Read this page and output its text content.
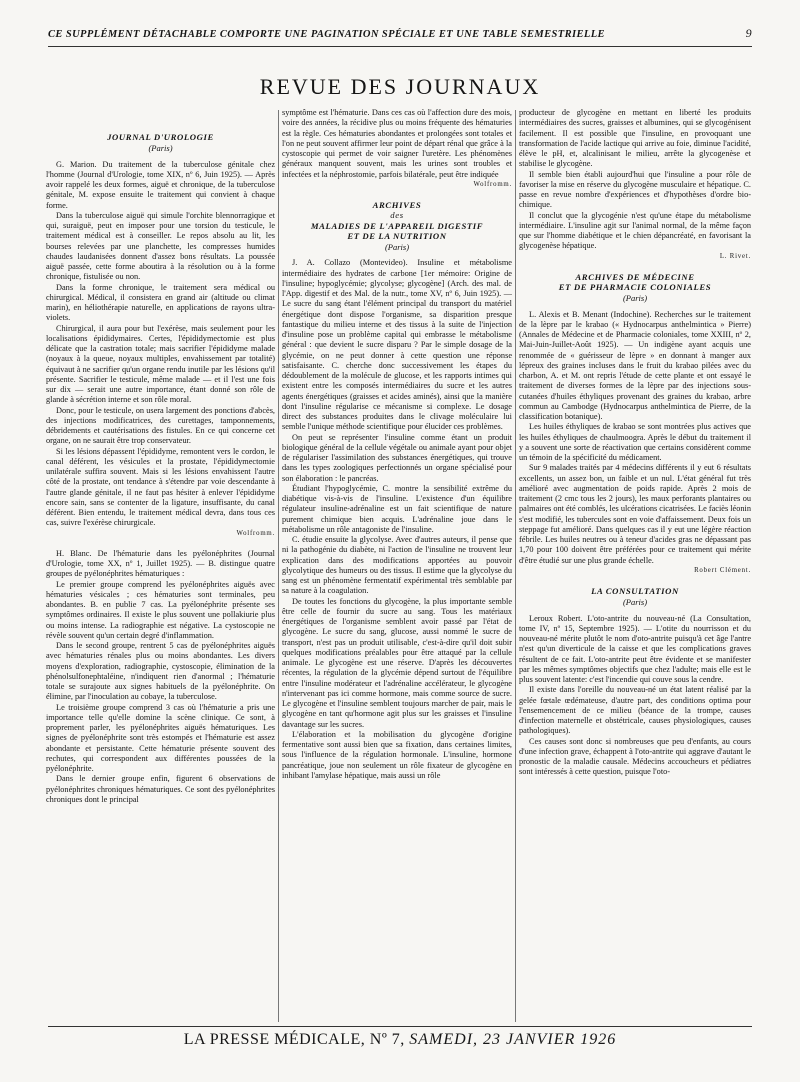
CE SUPPLÉMENT DÉTACHABLE COMPORTE UNE PAGINATION SPÉCIALE ET UNE TABLE SEMESTRIELLE	9
REVUE DES JOURNAUX

JOURNAL D'UROLOGIE

(Paris)

G. Marion. Du traitement de la tuberculose génitale chez l'homme (Journal d'Urologie, tome XIX, nº 6, Juin 1925). — Après avoir rappelé les deux formes, aiguë et chronique, de la tuberculose génitale, M. expose ensuite le traitement qui convient à chaque forme.

Dans la tuberculose aiguë qui simule l'orchite blennorragique et qui, suraiguë, peut en imposer pour une torsion du testicule, le traitement médical est à conseiller. Le repos absolu au lit, les bourses relevées par une planchette, les compresses humides chaudes laudanisées donnent d'assez bons résultats. La poussée aiguë passée, cette forme aboutira à la résolution ou à la forme chronique, fistulisée ou non.

Dans la forme chronique, le traitement sera médical ou chirurgical. Médical, il consistera en grand air (altitude ou climat marin), en héliothérapie naturelle, en applications de rayons ultra-violets.

Chirurgical, il aura pour but l'exérèse, mais seulement pour les localisations épididymaires. Certes, l'épididymectomie est plus délicate que la castration totale; mais sacrifier l'épididyme malade (noyaux à la queue, noyaux multiples, envahissement par totalité) équivaut à ne sacrifier qu'un organe rendu inutile par les lésions qu'il présente. Sacrifier le testicule, même malade — et il l'est une fois sur dix — serait une autre importance, étant donné son rôle de glande à sécrétion interne et son rôle moral.

Donc, pour le testicule, on usera largement des ponctions d'abcès, des injections modificatrices, des curettages, tamponnements, débridements et cautérisations des fistules. En ce qui concerne cet organe, on ne saurait être trop conservateur.

Si les lésions dépassent l'épididyme, remontent vers le cordon, le canal déférent, les vésicules et la prostate, l'épididymectomie unilatérale suffira souvent. Mais si les lésions envahissent l'autre côté de la prostate, ont tendance à s'étendre par voie descendante à l'autre glande génitale, il ne faut pas hésiter à enlever l'épididyme encore sain, sans se contenter de la ligature, insuffisante, du canal déférent. Bien entendu, le traitement médical devra, dans tous ces cas, suivre l'exérèse chirurgicale.

Wolfromm.

H. Blanc. De l'hématurie dans les pyélonéphrites (Journal d'Urologie, tome XX, nº 1, Juillet 1925). — B. distingue quatre groupes de pyélonéphrites hématuriques :

Le premier groupe comprend les pyélonéphrites aiguës avec hématuries vésicales ; ces hématuries sont terminales, peu abondantes. B. en publie 7 cas. La pyélonéphrite présente ses symptômes ordinaires. Il existe le plus souvent une pollakiurie plus ou moins intense. La radiographie est négative. La cystoscopie ne révèle souvent qu'un certain degré d'inflammation.

Dans le second groupe, rentrent 5 cas de pyélonéphrites aiguës avec hématuries rénales plus ou moins abondantes. Les divers moyens d'exploration, radiographie, cystoscopie, élimination de la phénolsulfonephtaléine, n'indiquent rien d'anormal ; l'hématurie totale se surajoute aux signes habituels de la pyélonéphrite. On élimine, par l'inoculation au cobaye, la tuberculose.

Le troisième groupe comprend 3 cas où l'hématurie a pris une importance telle qu'elle domine la scène clinique. Ce sont, à proprement parler, les pyélonéphrites aiguës hématuriques. Les signes de pyélonéphrite sont très estompés et l'hématurie est assez abondante et persistante. Cette hématurie présente souvent des rechutes, qui correspondent aux différentes poussées de la pyélonéphrite.

Dans le dernier groupe enfin, figurent 6 observations de pyélonéphrites chroniques hématuriques. Ce sont des pyélonéphrites chroniques dont le principal

symptôme est l'hématurie. Dans ces cas où l'affection dure des mois, voire des années, la récidive plus ou moins fréquente des hématuries est la règle. Ces hématuries abondantes et prolongées sont totales et l'on ne peut souvent affirmer leur point de départ rénal que grâce à la cystoscopie qui permet de voir saigner l'uretère. Les phénomènes généraux manquent souvent, mais les urines sont troubles et infectées et la néphrostomie, parfois bilatérale, peut être indiquée

Wolfromm.

ARCHIVES

des

MALADIES DE L'APPAREIL DIGESTIF

ET DE LA NUTRITION

(Paris)

J. A. Collazo (Montevideo). Insuline et métabolisme intermédiaire des hydrates de carbone [1er mémoire: Origine de l'insuline; hypoglycémie; glycolyse; glycogène] (Arch. des mal. de l'App. digestif et des Mal. de la nutr., tome XV, nº 6, Juin 1925). — Le sucre du sang étant l'élément principal du transport du matériel énergétique dont dispose l'organisme, sa disparition presque fantastique du milieu interne et des tissus à la suite de l'injection d'insuline pose un problème capital qui embrasse le métabolisme général : que devient le sucre disparu ? Par le simple dosage de la glycémie, on ne peut donner à cette question une réponse satisfaisante. C. cherche donc successivement les étapes du dédoublement de la molécule de glucose, et les rapports intimes qui existent entre les composés intermédiaires du sucre et les autres agents énergétiques (graisses et acides aminés), ainsi que la manière dont l'insuline régularise ce mécanisme si complexe. Le dosage direct des substances produites dans le clivage moléculaire lui semble l'unique méthode scientifique pour élucider ces problèmes.

On peut se représenter l'insuline comme étant un produit biologique général de la cellule végétale ou animale ayant pour objet de régulariser l'assimilation des substances énergétiques, qui trouve dans les types zoologiques perfectionnés un organe spécialisé pour son élaboration : le pancréas.

Étudiant l'hypoglycémie, C. montre la sensibilité extrême du diabétique vis-à-vis de l'insuline. L'existence d'un équilibre régulateur insuline-adrénaline est un fait scientifique de nature purement chimique bien acquis. L'adrénaline joue dans le métabolisme un rôle antagoniste de l'insuline.

C. étudie ensuite la glycolyse. Avec d'autres auteurs, il pense que ni la pathogénie du diabète, ni l'action de l'insuline ne trouvent leur explication dans des modifications apportées au pouvoir glycolytique des humeurs ou des tissus. Il estime que la glycolyse du sang est un phénomène fermentatif expérimental très semblable par sa nature à la coagulation.

De toutes les fonctions du glycogène, la plus importante semble être celle de fournir du sucre au sang. Tous les matériaux énergétiques de l'organisme semblent avoir passé par l'état de glycogène. Le sucre du sang, glucose, aussi nommé le sucre de transport, n'est pas un produit utilisable, c'est-à-dire qu'il doit subir quelques modifications préalables pour être attaqué par la cellule animale. Le glycogène est une réserve. D'après les découvertes récentes, la régulation de la glycémie dépend surtout de l'équilibre entre l'insuline modérateur et l'adrénaline accélérateur, le glycogène n'intervenant pas ici comme hormone, mais comme source de sucre. Le glycogène et l'insuline semblent toujours marcher de pair, mais le glycogène en tant qu'hormone agit plus sur les graisses et l'insuline davantage sur les sucres.

L'élaboration et la mobilisation du glycogène d'origine fermentative sont aussi bien que sa fixation, dans certaines limites, sous l'influence de la régulation hormonale. L'insuline, hormone pancréatique, joue non seulement un rôle fixateur de glycogène en inhibant l'amylase hépatique, mais aussi un rôle

producteur de glycogène en mettant en liberté les produits intermédiaires des sucres, graisses et albumines, qui se glycogénisent facilement. Il est possible que l'insuline, en provoquant une transformation de l'acide lactique qui arrive au foie, diminue l'acidité, élève le pH, et, alcalinisant le milieu, arrête la glycogenèse et stabilise le glycogène.

Il semble bien établi aujourd'hui que l'insuline a pour rôle de favoriser la mise en réserve du glycogène musculaire et hépatique. C. passe en revue nombre d'expériences et d'hypothèses d'ordre bio-chimique.

Il conclut que la glycogénie n'est qu'une étape du métabolisme intermédiaire. L'insuline agit sur l'animal normal, de la même façon que sur l'homme diabétique et le chien dépancréaté, en favorisant la glycogenèse hépatique.

L. Rivet.

ARCHIVES DE MÉDECINE

ET DE PHARMACIE COLONIALES

(Paris)

L. Alexis et B. Menant (Indochine). Recherches sur le traitement de la lèpre par le krabao (« Hydnocarpus anthelmintica » Pierre) (Annales de Médecine et de Pharmacie coloniales, tome XXIII, nº 2, Mai-Juin-Juillet-Août 1925). — Un indigène ayant acquis une renommée de « guérisseur de lèpre » en donnant à manger aux lépreux des graines incluses dans le fruit du krabao pilées avec du charbon, A. et M. ont repris l'étude de cette plante et ont essayé le traitement de diverses formes de la lèpre par des injections sous-cutanées d'huiles éthyliques provenant des graines du krabao, arbre commun au Cambodge (Hydnocarpus anthelmintica de Pierre, de la classification botanique).

Les huiles éthyliques de krabao se sont montrées plus actives que les huiles éthyliques de chaulmoogra. Après le début du traitement il y a souvent une sorte de réactivation que certains considèrent comme un témoin de la spécificité du médicament.

Sur 9 malades traités par 4 médecins différents il y eut 6 résultats excellents, un assez bon, un faible et un nul. L'état général fut très amélioré avec augmentation de poids rapide. Après 2 mois de traitement (2 cmc tous les 2 jours), les maux perforants plantaires ou palmaires ont été comblés, les ulcérations cicatrisées. Le faciès léonin s'est modifié, les tubercules sont en voie d'affaissement. Deux fois un steppage fut amélioré. Dans quelques cas il y eut une légère réaction fébrile. Les huiles neutres ou à teneur d'acides gras ne dépassant pas 1,70 pour 100 doivent être préférées pour ce traitement qui mérite d'être étudié sur une plus grande échelle.

Robert Clément.

LA CONSULTATION

(Paris)

Leroux Robert. L'oto-antrite du nouveau-né (La Consultation, tome IV, nº 15, Septembre 1925). — L'otite du nourrisson et du nouveau-né mérite plutôt le nom d'oto-antrite puisqu'à cet âge l'antre n'est qu'un diverticule de la caisse et que les complications graves résultent de ce fait. L'oto-antrite peut être évidente et se manifester par les mêmes symptômes objectifs que chez l'adulte; mais elle est le plus souvent latente: c'est l'incendie qui couve sous la cendre.

Il existe dans l'oreille du nouveau-né un état latent réalisé par la gelée fœtale œdémateuse, d'autre part, des conditions optima pour l'ensemencement de ce milieu (béance de la trompe, causes d'infection maternelle et obstétricale, causes physiologiques, causes pathologiques).

Ces causes sont donc si nombreuses que peu d'enfants, au cours d'une infection grave, échappent à l'oto-antrite qui aggrave d'autant le pronostic de la maladie causale. Médecins accoucheurs et pédiatres sont intéressés à cette question, puisque l'oto-

LA PRESSE MÉDICALE, Nº 7, SAMEDI, 23 JANVIER 1926
